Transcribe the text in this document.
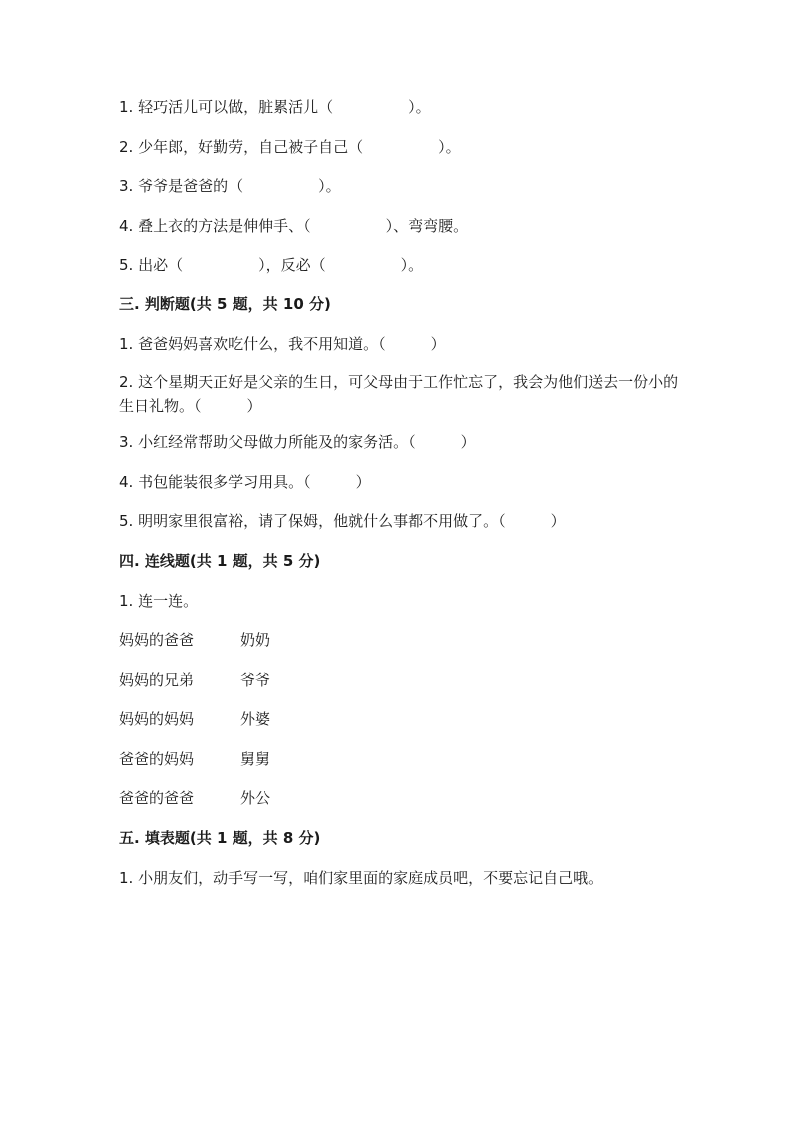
1. 轻巧活儿可以做，脏累活儿（　　　　　）。
2. 少年郎，好勤劳，自己被子自己（　　　　　）。
3. 爷爷是爸爸的（　　　　　）。
4. 叠上衣的方法是伸伸手、（　　　　　）、弯弯腰。
5. 出必（　　　　　），反必（　　　　　）。
三. 判断题(共 5 题，共 10 分)
1. 爸爸妈妈喜欢吃什么，我不用知道。（　　　）
2. 这个星期天正好是父亲的生日，可父母由于工作忙忘了，我会为他们送去一份小的生日礼物。（　　　）
3. 小红经常帮助父母做力所能及的家务活。（　　　）
4. 书包能装很多学习用具。（　　　）
5. 明明家里很富裕，请了保姆，他就什么事都不用做了。（　　　）
四. 连线题(共 1 题，共 5 分)
1. 连一连。
妈妈的爸爸	奶奶
妈妈的兄弟	爷爷
妈妈的妈妈	外婆
爸爸的妈妈	舅舅
爸爸的爸爸	外公
五. 填表题(共 1 题，共 8 分)
1. 小朋友们，动手写一写，咱们家里面的家庭成员吧，不要忘记自己哦。
